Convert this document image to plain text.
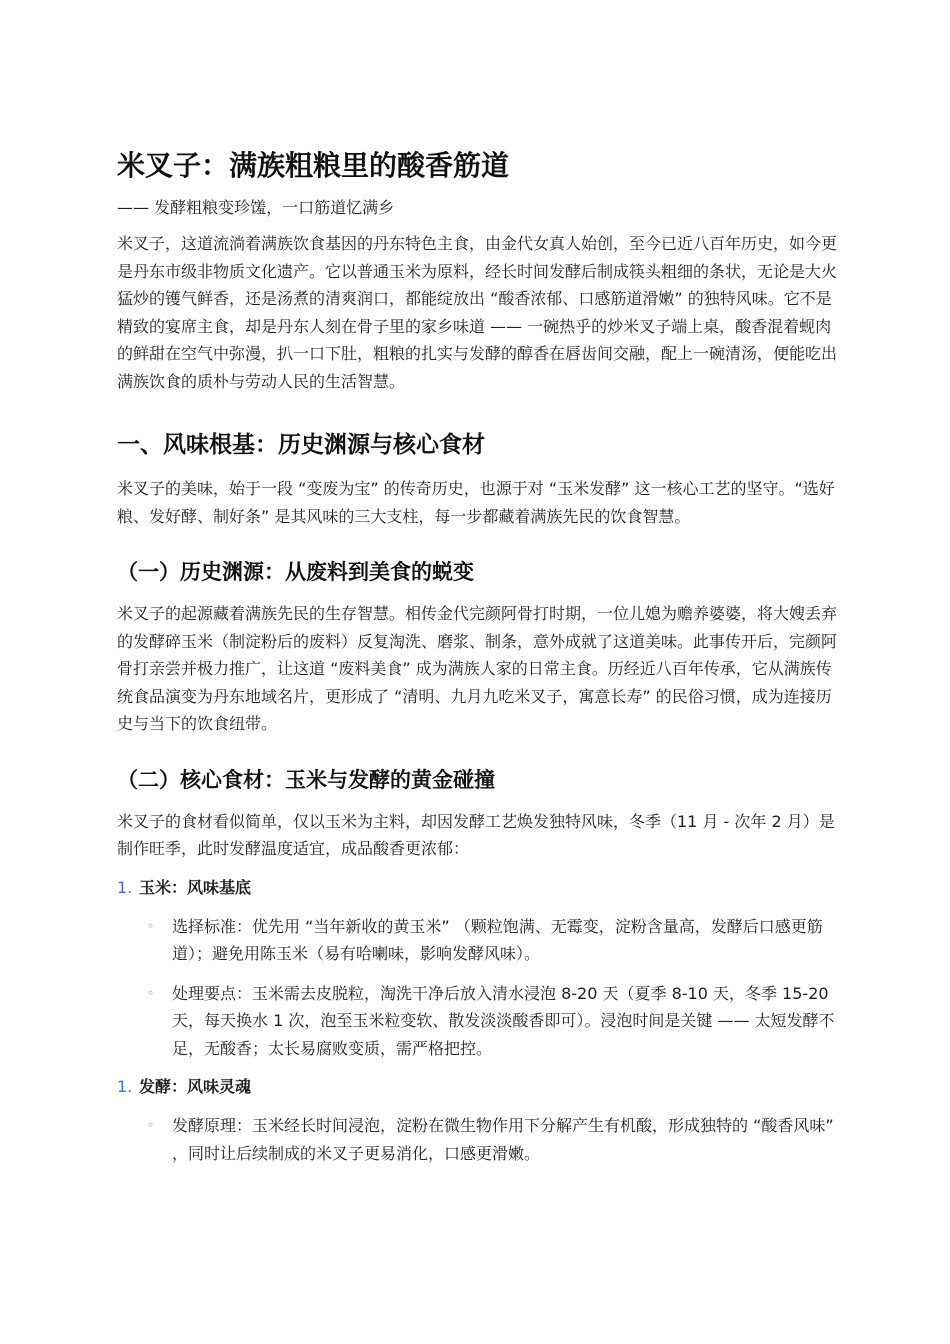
米叉子：满族粗粮里的酸香筋道
—— 发酵粗粮变珍馐，一口筋道忆满乡

米叉子，这道流淌着满族饮食基因的丹东特色主食，由金代女真人始创，至今已近八百年历史，如今更是丹东市级非物质文化遗产。它以普通玉米为原料，经长时间发酵后制成筷头粗细的条状，无论是大火猛炒的镬气鲜香，还是汤煮的清爽润口，都能绽放出 “酸香浓郁、口感筋道滑嫩” 的独特风味。它不是精致的宴席主食，却是丹东人刻在骨子里的家乡味道 —— 一碗热乎的炒米叉子端上桌，酸香混着蚬肉的鲜甜在空气中弥漫，扒一口下肚，粗粮的扎实与发酵的醇香在唇齿间交融，配上一碗清汤，便能吃出满族饮食的质朴与劳动人民的生活智慧。

一、风味根基：历史渊源与核心食材

米叉子的美味，始于一段 “变废为宝” 的传奇历史，也源于对 “玉米发酵” 这一核心工艺的坚守。“选好粮、发好酵、制好条” 是其风味的三大支柱，每一步都藏着满族先民的饮食智慧。

（一）历史渊源：从废料到美食的蜕变

米叉子的起源藏着满族先民的生存智慧。相传金代完颜阿骨打时期，一位儿媳为赡养婆婆，将大嫂丢弃的发酵碎玉米（制淀粉后的废料）反复淘洗、磨浆、制条，意外成就了这道美味。此事传开后，完颜阿骨打亲尝并极力推广，让这道 “废料美食” 成为满族人家的日常主食。历经近八百年传承，它从满族传统食品演变为丹东地域名片，更形成了 “清明、九月九吃米叉子，寓意长寿” 的民俗习惯，成为连接历史与当下的饮食纽带。

（二）核心食材：玉米与发酵的黄金碰撞

米叉子的食材看似简单，仅以玉米为主料，却因发酵工艺焕发独特风味，冬季（11 月 - 次年 2 月）是制作旺季，此时发酵温度适宜，成品酸香更浓郁：

1. 玉米：风味基底
◦	选择标准：优先用 “当年新收的黄玉米” （颗粒饱满、无霉变，淀粉含量高，发酵后口感更筋道）；避免用陈玉米（易有哈喇味，影响发酵风味）。

◦	处理要点：玉米需去皮脱粒，淘洗干净后放入清水浸泡 8-20 天（夏季 8-10 天，冬季 15-20 天，每天换水 1 次，泡至玉米粒变软、散发淡淡酸香即可）。浸泡时间是关键 —— 太短发酵不足，无酸香；太长易腐败变质，需严格把控。

1. 发酵：风味灵魂
◦	发酵原理：玉米经长时间浸泡，淀粉在微生物作用下分解产生有机酸，形成独特的 “酸香风味” ，同时让后续制成的米叉子更易消化，口感更滑嫩。
